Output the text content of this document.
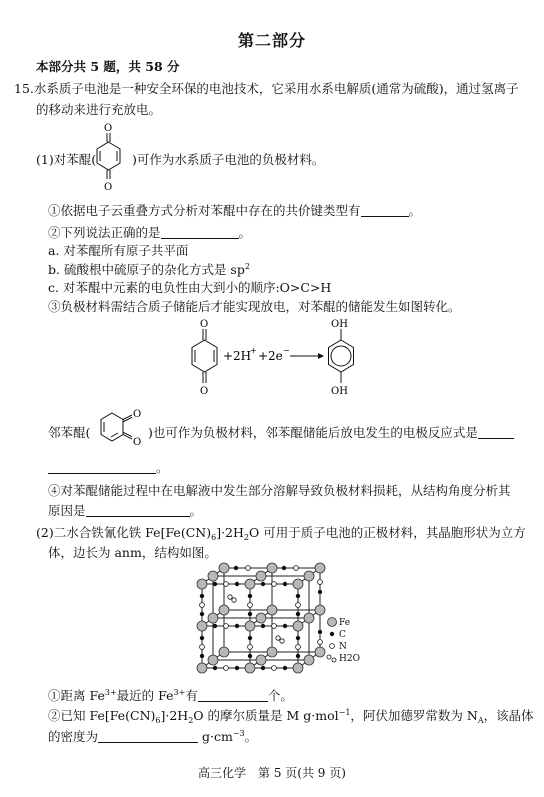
第二部分
本部分共 5 题，共 58 分
15.水系质子电池是一种安全环保的电池技术，它采用水系电解质(通常为硫酸)，通过氢离子
的移动来进行充放电。
(1)对苯醌(
O
O
)可作为水系质子电池的负极材料。
①依据电子云重叠方式分析对苯醌中存在的共价键类型有	。
②下列说法正确的是	。
a. 对苯醌所有原子共平面
b. 硫酸根中硫原子的杂化方式是 $sp^2$
c. 对苯醌中元素的电负性由大到小的顺序:O>C>H
③负极材料需结合质子储能后才能实现放电，对苯醌的储能发生如图转化。
O
O
+ 2H
+ + 2e −
OH
OH
邻苯醌(
O
O
)也可作为负极材料，邻苯醌储能后放电发生的电极反应式是
。
④对苯醌储能过程中在电解液中发生部分溶解导致负极材料损耗，从结构角度分析其
原因是	。
(2)二水合铁氰化铁 $Fe[Fe(CN)_6]\cdot 2H_2O$ 可用于质子电池的正极材料，其晶胞形状为立方
体，边长为 anm，结构如图。
Fe
C
N
H2O
①距离 $Fe^{3+}$最近的 $Fe^{3+}$有	个。
②已知 $Fe[Fe(CN)_6]\cdot 2H_2O$ 的摩尔质量是 M g·mol$^{-1}$，阿伏加德罗常数为 $N_A$，该晶体
的密度为	$g\cdot cm^{-3}$。
高三化学　第 5 页(共 9 页)
